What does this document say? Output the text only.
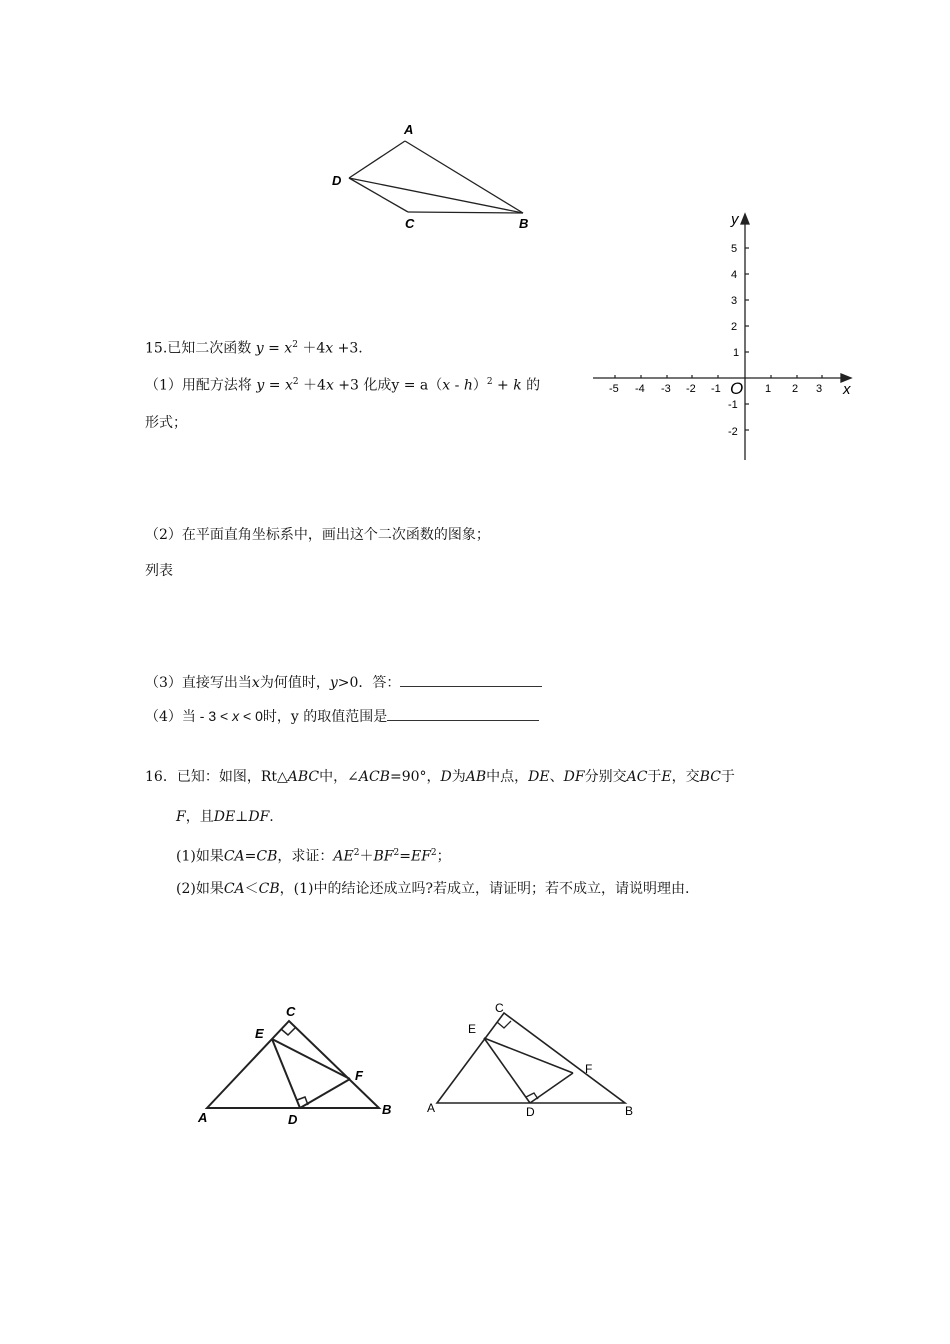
A
D
C	B	y
x
O
-5 -4 -3 -2 -1	1 2 3
5
4
3
2
1
-1
-2
15.已知二次函数 $y = x^2 +4x +3$.
（1）用配方法将 $y = x^2 +4x +3$ 化成y = a（x - h）$^2$ + k 的
形式；
（2）在平面直角坐标系中，画出这个二次函数的图象；
列表
（3）直接写出当x为何值时，y>0．答：
（4）当 - 3 < x < 0时，y 的取值范围是
16．已知：如图，Rt△ABC中，∠ACB=90°，D为AB中点，DE、DF分别交AC于E，交BC于
F，且DE⊥DF.
(1)如果CA=CB，求证：$AE^2+BF^2=EF^2$；
(2)如果CA＜CB，(1)中的结论还成立吗?若成立，请证明；若不成立，请说明理由.
C
E
F
A	D
B
C
E
F
A	D	B
